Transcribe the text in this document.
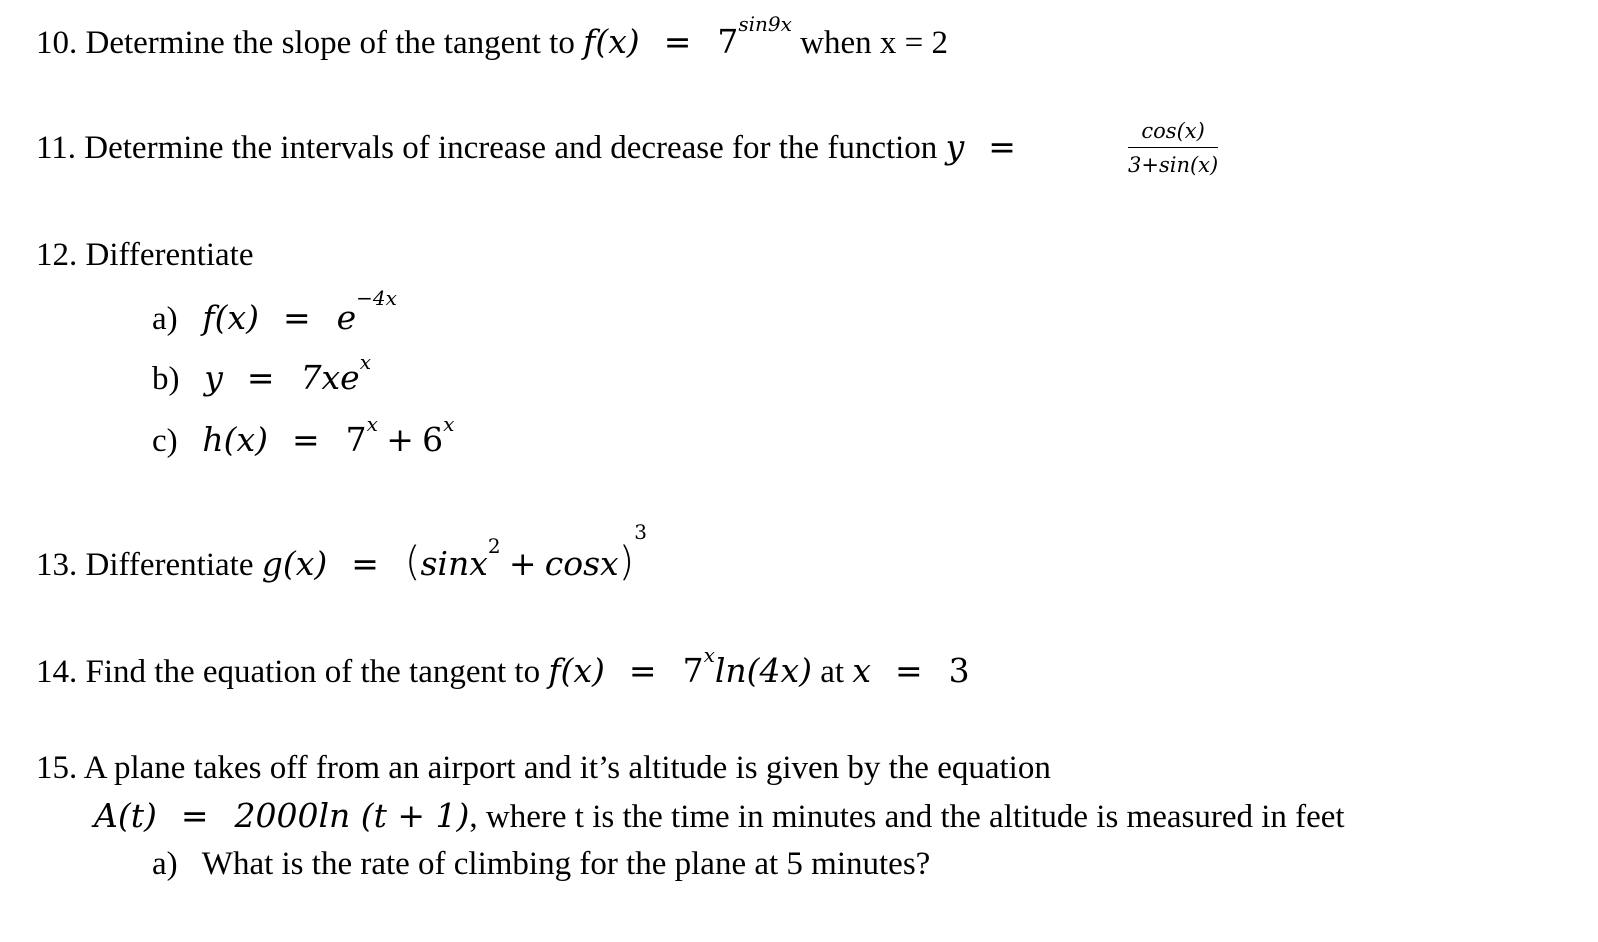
10. Determine the slope of the tangent to $f(x) = 7^{sin9x}$ when x = 2
11. Determine the intervals of increase and decrease for the function y =	$\frac{\cos(x)}{3+\sin(x)}$
12. Differentiate
a) $f(x) = e^{-4x}$
b) $y = 7xe^x$
c) $h(x) = 7^x + 6^x$
13. Differentiate $g(x) = (\sin x^2 + \cos x)^3$
14. Find the equation of the tangent to $f(x) = 7^x\ln(4x)$ at x = 3
15. A plane takes off from an airport and it’s altitude is given by the equation
A(t) = 2000ln (t + 1), where t is the time in minutes and the altitude is measured in feet
a) What is the rate of climbing for the plane at 5 minutes?
